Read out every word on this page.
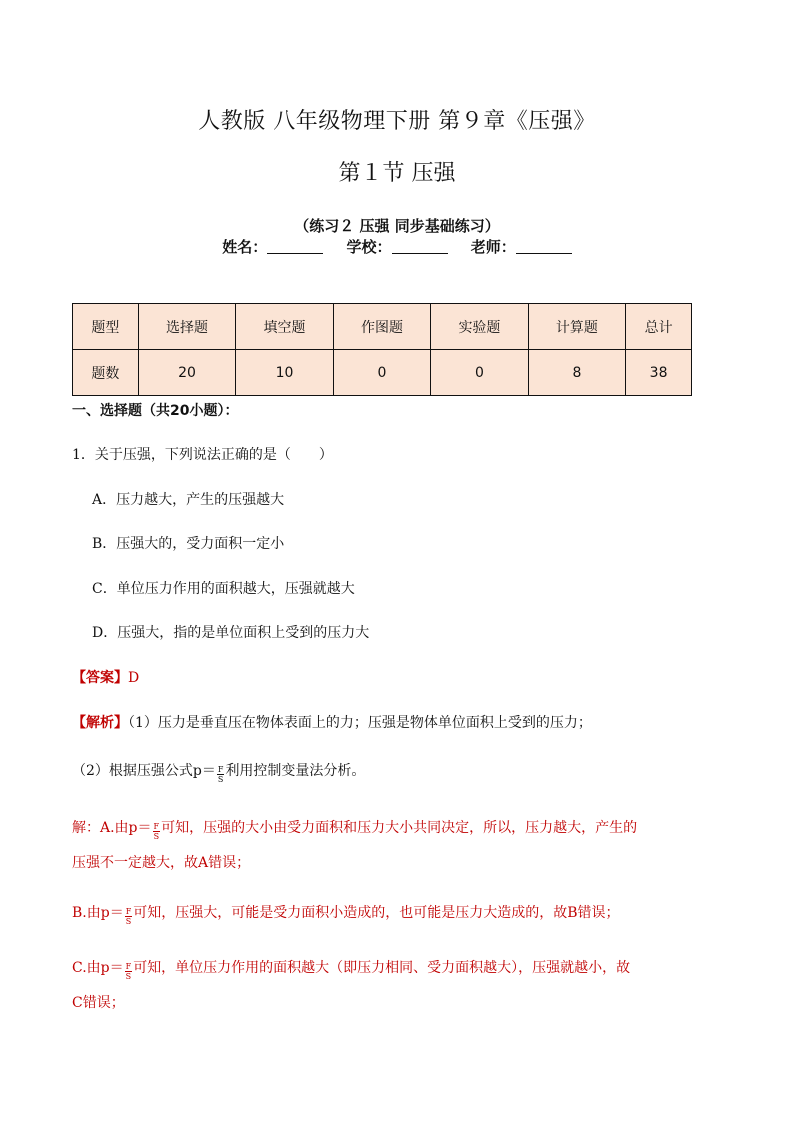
人教版 八年级物理下册 第９章《压强》
第１节 压强
（练习２ 压强 同步基础练习）
姓名：	学校：	老师：
题型	选择题	填空题	作图题	实验题	计算题	总计
题数	20	10	0	0	8	38
一、选择题（共20小题）：
1．关于压强，下列说法正确的是（　　）
A．压力越大，产生的压强越大
B．压强大的，受力面积一定小
C．单位压力作用的面积越大，压强就越大
D．压强大，指的是单位面积上受到的压力大
【答案】D
【解析】（1）压力是垂直压在物体表面上的力；压强是物体单位面积上受到的压力；
（2）根据压强公式$p= \frac{F}{S}$ 利用控制变量法分析。
解：A.由$p= \frac{F}{S}$ 可知，压强的大小由受力面积和压力大小共同决定，所以，压力越大，产生的
压强不一定越大，故A错误；
B.由$p= \frac{F}{S}$ 可知，压强大，可能是受力面积小造成的，也可能是压力大造成的，故B错误；
C.由$p= \frac{F}{S}$ 可知，单位压力作用的面积越大（即压力相同、受力面积越大），压强就越小，故
C错误；
